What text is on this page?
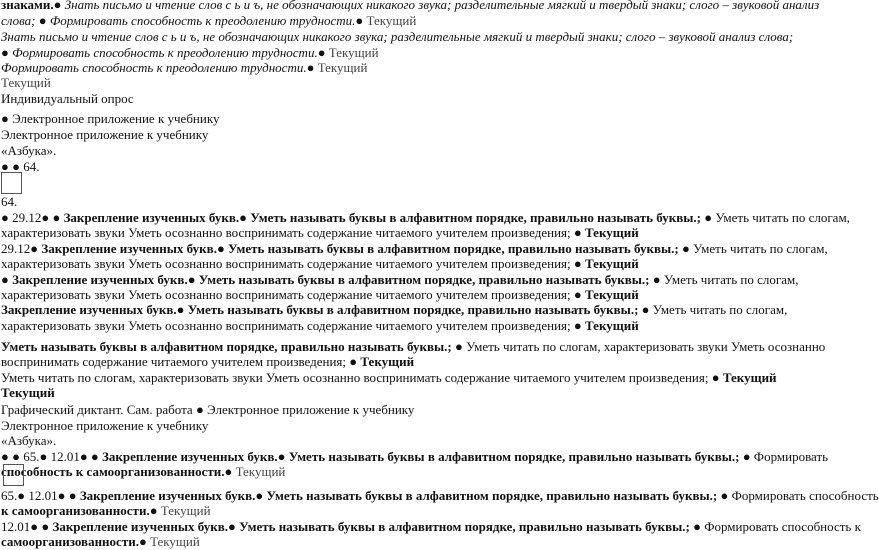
знаками.● Знать письмо и чтение слов с ь и ъ, не обозначающих никакого звука; разделительные мягкий и твердый знаки; слого – звуковой анализ
слова; ● Формировать способность к преодолению трудности.● Текущий
Знать письмо и чтение слов с ь и ъ, не обозначающих никакого звука; разделительные мягкий и твердый знаки; слого – звуковой анализ слова;
● Формировать способность к преодолению трудности.● Текущий
Формировать способность к преодолению трудности.● Текущий
Текущий
Индивидуальный опрос
● Электронное приложение к учебнику
Электронное приложение к учебнику
«Азбука».
● ● 64.
64.
● 29.12● ● Закрепление изученных букв.● Уметь называть буквы в алфавитном порядке, правильно называть буквы.; ● Уметь читать по слогам,
характеризовать звуки Уметь осознанно воспринимать содержание читаемого учителем произведения; ● Текущий
29.12● Закрепление изученных букв.● Уметь называть буквы в алфавитном порядке, правильно называть буквы.; ● Уметь читать по слогам,
характеризовать звуки Уметь осознанно воспринимать содержание читаемого учителем произведения; ● Текущий
● Закрепление изученных букв.● Уметь называть буквы в алфавитном порядке, правильно называть буквы.; ● Уметь читать по слогам,
характеризовать звуки Уметь осознанно воспринимать содержание читаемого учителем произведения; ● Текущий
Закрепление изученных букв.● Уметь называть буквы в алфавитном порядке, правильно называть буквы.; ● Уметь читать по слогам,
характеризовать звуки Уметь осознанно воспринимать содержание читаемого учителем произведения; ● Текущий
Уметь называть буквы в алфавитном порядке, правильно называть буквы.; ● Уметь читать по слогам, характеризовать звуки Уметь осознанно
воспринимать содержание читаемого учителем произведения; ● Текущий
Уметь читать по слогам, характеризовать звуки Уметь осознанно воспринимать содержание читаемого учителем произведения; ● Текущий
Текущий
Графический диктант. Сам. работа ● Электронное приложение к учебнику
Электронное приложение к учебнику
«Азбука».
● ● 65.● 12.01● ● Закрепление изученных букв.● Уметь называть буквы в алфавитном порядке, правильно называть буквы.; ● Формировать
способность к самоорганизованности.● Текущий
65.● 12.01● ● Закрепление изученных букв.● Уметь называть буквы в алфавитном порядке, правильно называть буквы.; ● Формировать способность
к самоорганизованности.● Текущий
12.01● ● Закрепление изученных букв.● Уметь называть буквы в алфавитном порядке, правильно называть буквы.; ● Формировать способность к
самоорганизованности.● Текущий
